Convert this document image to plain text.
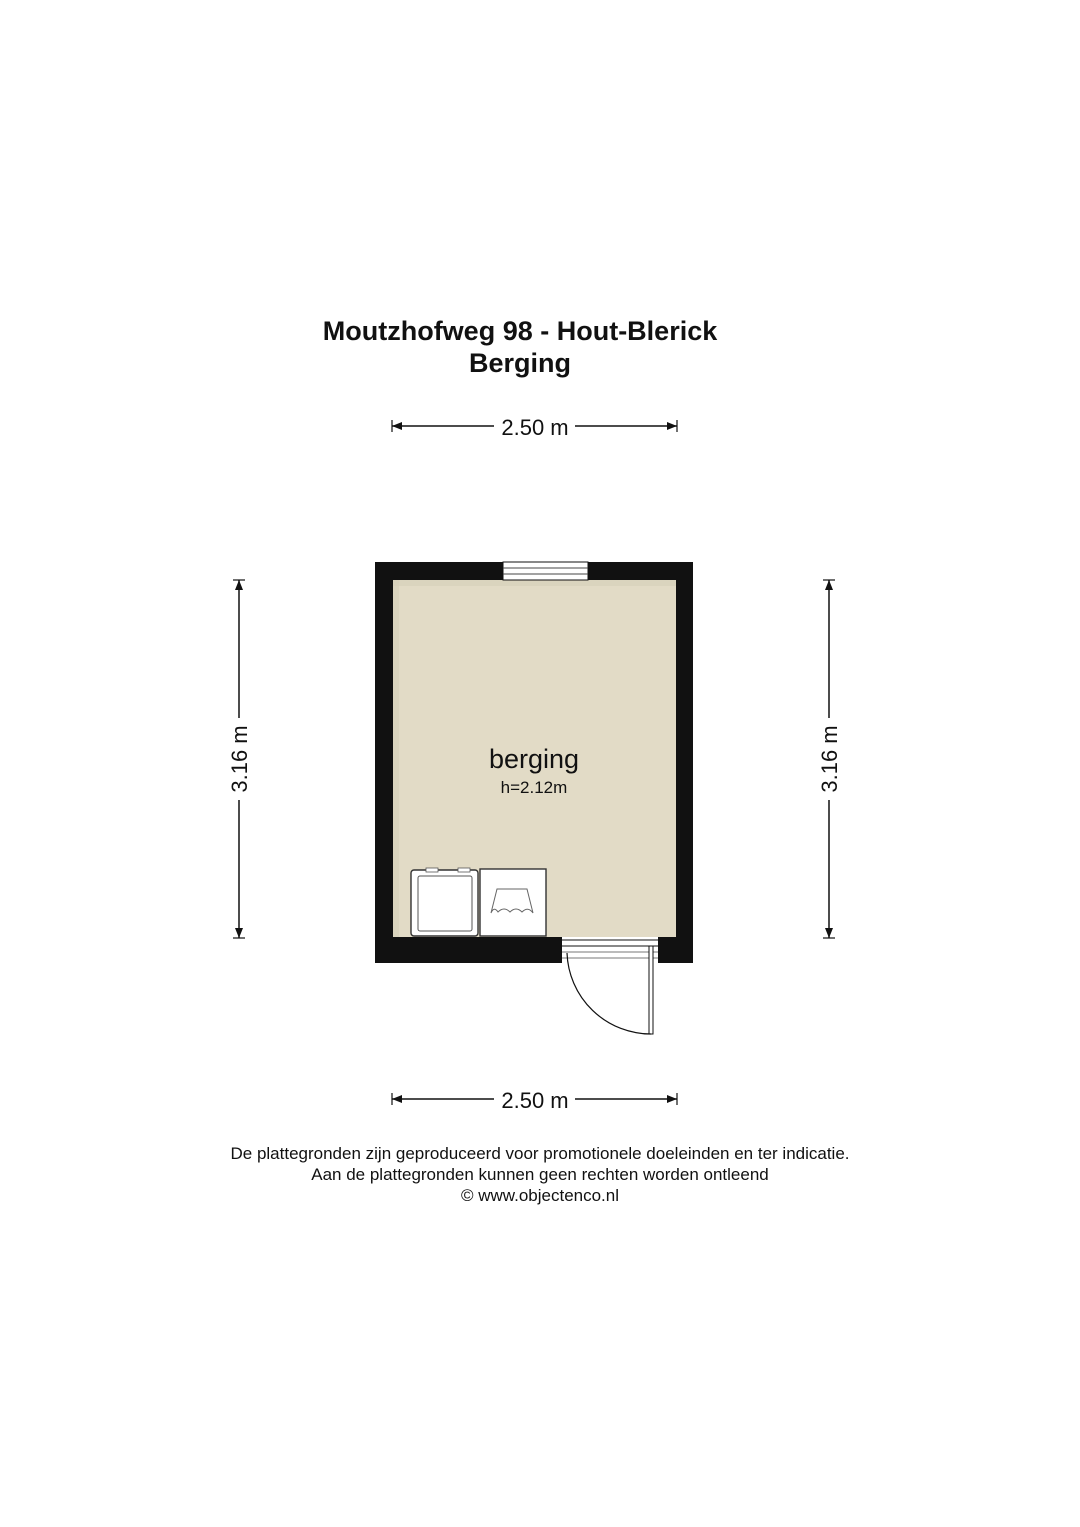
Moutzhofweg 98 - Hout-Blerick
Berging
2.50 m
2.50 m
3.16 m	3.16 m
berging
h=2.12m
De plattegronden zijn geproduceerd voor promotionele doeleinden en ter indicatie.
Aan de plattegronden kunnen geen rechten worden ontleend
© www.objectenco.nl
